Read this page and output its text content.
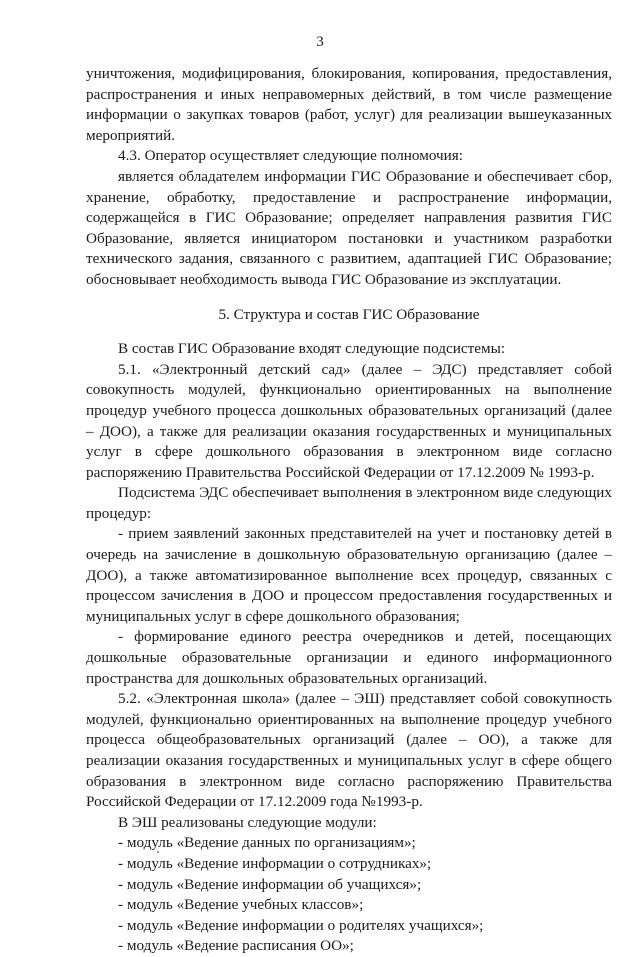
3

уничтожения, модифицирования, блокирования, копирования, предоставления, распространения и иных неправомерных действий, в том числе размещение информации о закупках товаров (работ, услуг) для реализации вышеуказанных мероприятий.

4.3. Оператор осуществляет следующие полномочия:

является обладателем информации ГИС Образование и обеспечивает сбор, хранение, обработку, предоставление и распространение информации, содержащейся в ГИС Образование; определяет направления развития ГИС Образование, является инициатором постановки и участником разработки технического задания, связанного с развитием, адаптацией ГИС Образование; обосновывает необходимость вывода ГИС Образование из эксплуатации.

5. Структура и состав ГИС Образование

В состав ГИС Образование входят следующие подсистемы:

5.1. «Электронный детский сад» (далее – ЭДС) представляет собой совокупность модулей, функционально ориентированных на выполнение процедур учебного процесса дошкольных образовательных организаций (далее – ДОО), а также для реализации оказания государственных и муниципальных услуг в сфере дошкольного образования в электронном виде согласно распоряжению Правительства Российской Федерации от 17.12.2009 № 1993-р.

Подсистема ЭДС обеспечивает выполнения в электронном виде следующих процедур:

- прием заявлений законных представителей на учет и постановку детей в очередь на зачисление в дошкольную образовательную организацию (далее – ДОО), а также автоматизированное выполнение всех процедур, связанных с процессом зачисления в ДОО и процессом предоставления государственных и муниципальных услуг в сфере дошкольного образования;

- формирование единого реестра очередников и детей, посещающих дошкольные образовательные организации и единого информационного пространства для дошкольных образовательных организаций.

5.2. «Электронная школа» (далее – ЭШ) представляет собой совокупность модулей, функционально ориентированных на выполнение процедур учебного процесса общеобразовательных организаций (далее – ОО), а также для реализации оказания государственных и муниципальных услуг в сфере общего образования в электронном виде согласно распоряжению Правительства Российской Федерации от 17.12.2009 года №1993-р.

В ЭШ реализованы следующие модули:

- модуль «Ведение данных по организациям»;

- модуль «Ведение информации о сотрудниках»;

- модуль «Ведение информации об учащихся»;

- модуль «Ведение учебных классов»;

- модуль «Ведение информации о родителях учащихся»;

- модуль «Ведение расписания ОО»;
